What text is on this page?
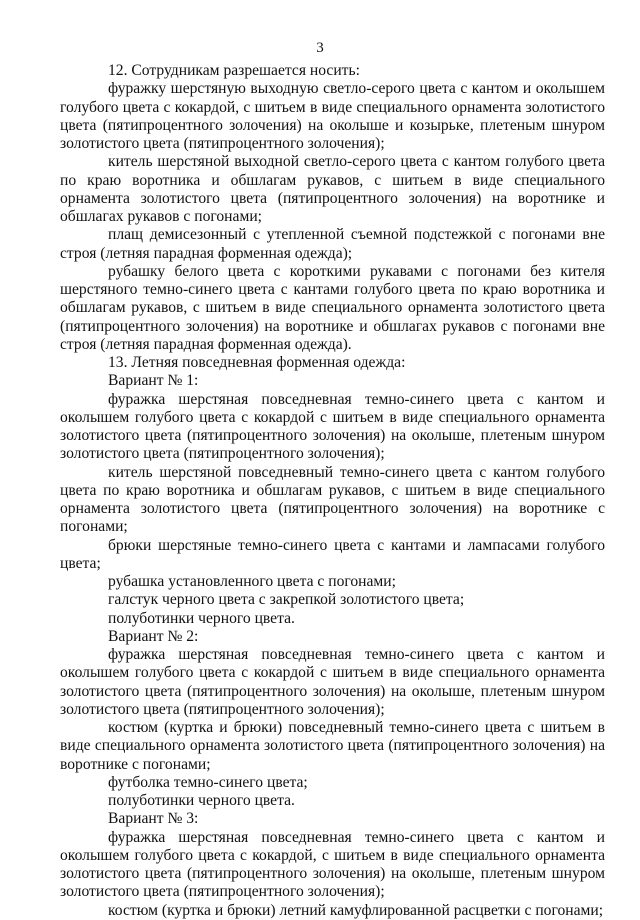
3

12. Сотрудникам разрешается носить:

фуражку шерстяную выходную светло-серого цвета с кантом и околышем голубого цвета с кокардой, с шитьем в виде специального орнамента золотистого цвета (пятипроцентного золочения) на околыше и козырьке, плетеным шнуром золотистого цвета (пятипроцентного золочения);

китель шерстяной выходной светло-серого цвета с кантом голубого цвета по краю воротника и обшлагам рукавов, с шитьем в виде специального орнамента золотистого цвета (пятипроцентного золочения) на воротнике и обшлагах рукавов с погонами;

плащ демисезонный с утепленной съемной подстежкой с погонами вне строя (летняя парадная форменная одежда);

рубашку белого цвета с короткими рукавами с погонами без кителя шерстяного темно-синего цвета с кантами голубого цвета по краю воротника и обшлагам рукавов, с шитьем в виде специального орнамента золотистого цвета (пятипроцентного золочения) на воротнике и обшлагах рукавов с погонами вне строя (летняя парадная форменная одежда).

13. Летняя повседневная форменная одежда:

Вариант № 1:

фуражка шерстяная повседневная темно-синего цвета с кантом и околышем голубого цвета с кокардой с шитьем в виде специального орнамента золотистого цвета (пятипроцентного золочения) на околыше, плетеным шнуром золотистого цвета (пятипроцентного золочения);

китель шерстяной повседневный темно-синего цвета с кантом голубого цвета по краю воротника и обшлагам рукавов, с шитьем в виде специального орнамента золотистого цвета (пятипроцентного золочения) на воротнике с погонами;

брюки шерстяные темно-синего цвета с кантами и лампасами голубого цвета;

рубашка установленного цвета с погонами;

галстук черного цвета с закрепкой золотистого цвета;

полуботинки черного цвета.

Вариант № 2:

фуражка шерстяная повседневная темно-синего цвета с кантом и околышем голубого цвета с кокардой с шитьем в виде специального орнамента золотистого цвета (пятипроцентного золочения) на околыше, плетеным шнуром золотистого цвета (пятипроцентного золочения);

костюм (куртка и брюки) повседневный темно-синего цвета с шитьем в виде специального орнамента золотистого цвета (пятипроцентного золочения) на воротнике с погонами;

футболка темно-синего цвета;

полуботинки черного цвета.

Вариант № 3:

фуражка шерстяная повседневная темно-синего цвета с кантом и околышем голубого цвета с кокардой, с шитьем в виде специального орнамента золотистого цвета (пятипроцентного золочения) на околыше, плетеным шнуром золотистого цвета (пятипроцентного золочения);

костюм (куртка и брюки) летний камуфлированной расцветки с погонами;
